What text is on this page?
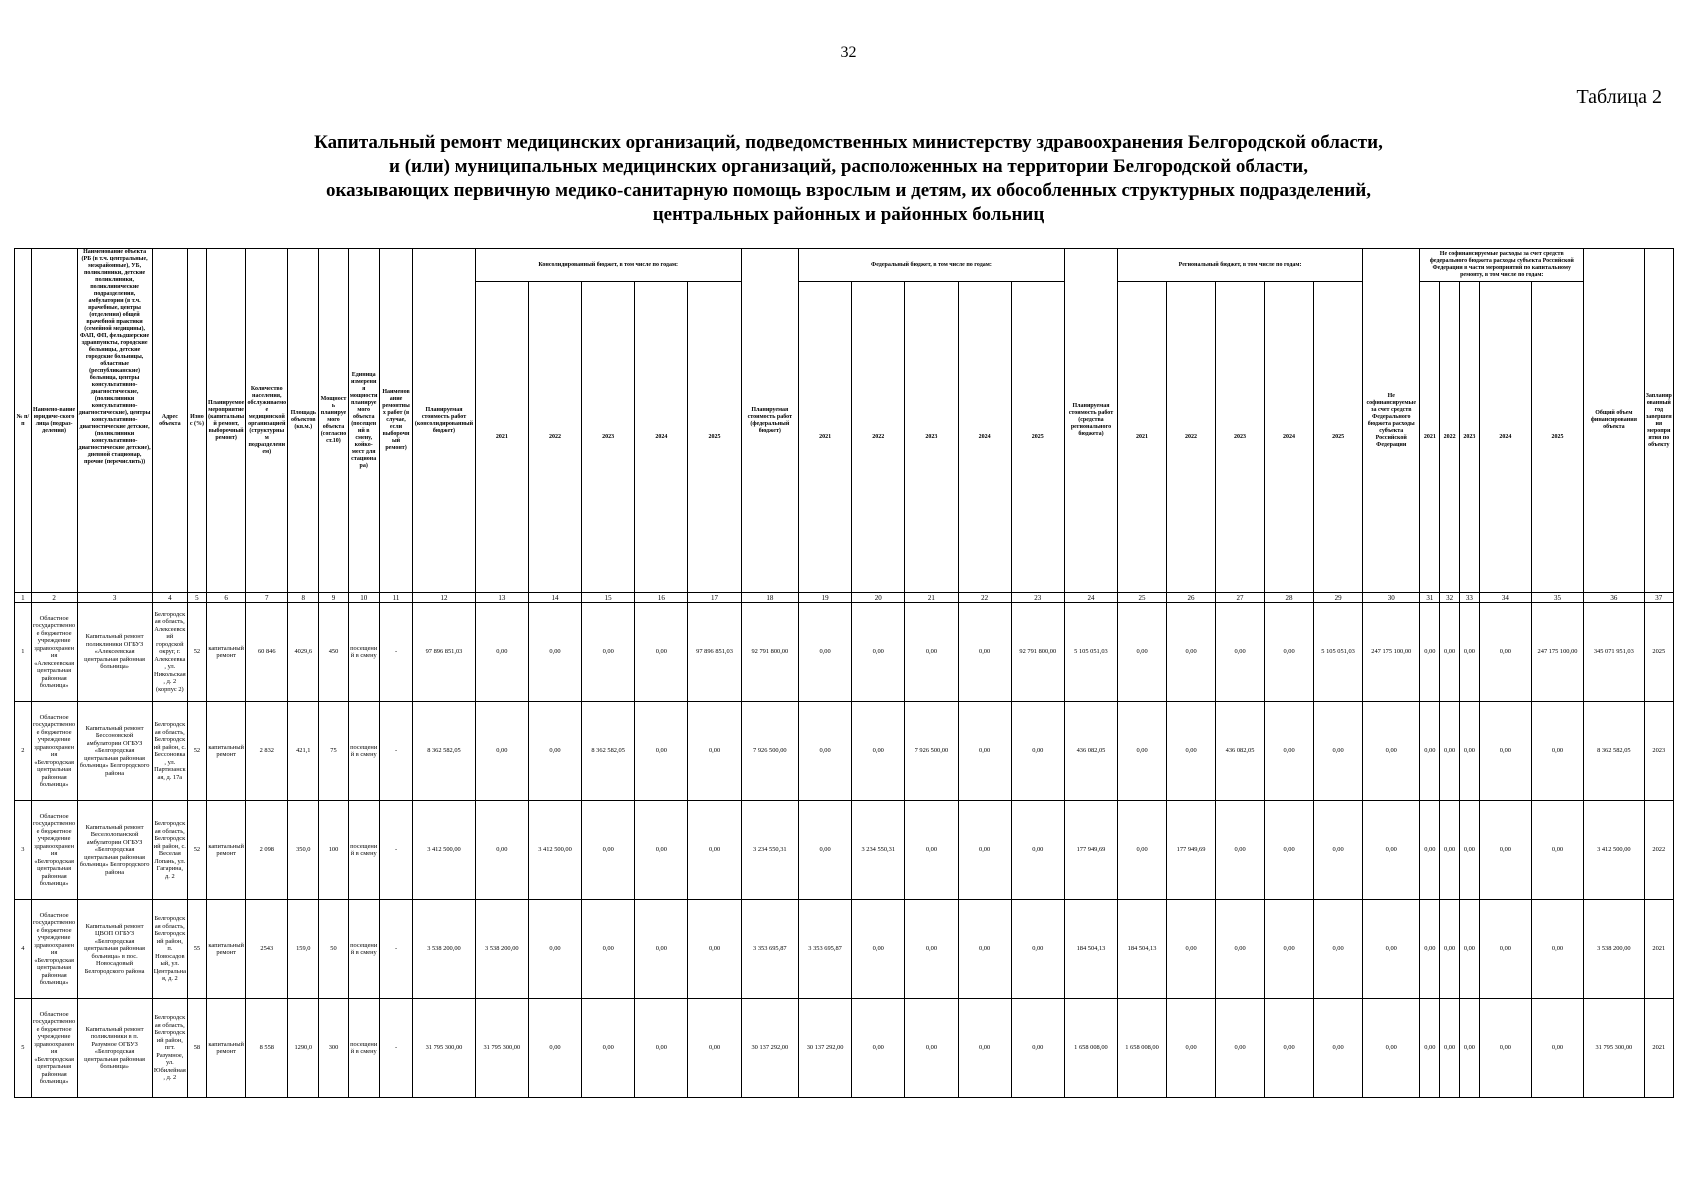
32
Таблица 2
Капитальный ремонт медицинских организаций, подведомственных министерству здравоохранения Белгородской области,
и (или) муниципальных медицинских организаций, расположенных на территории Белгородской области,
оказывающих первичную медико-санитарную помощь взрослым и детям, их обособленных структурных подразделений,
центральных районных и районных больниц
№ п/п	Наимено-вание юридиче-ского лица (подраз-деления)	Наименование объекта (РБ (в т.ч. центральные, межрайонные), УБ, поликлиники, детские поликлиники, поликлинические подразделения, амбулатории (в т.ч. врачебные, центры (отделения) общей врачебной практики (семейной медицины), ФАП, ФП, фельдшерские здравпункты, городские больницы, детские городские больницы, областные (республиканские) больница, центры консультативно-диагностические, (поликлиники консультативно-диагностические), центры консультативно-диагностические детские, (поликлиники консультативно-диагностические детские), дневной стационар, прочие (перечислить))	Адрес объекта	Износ (%)	Планируемое мероприятие (капитальный ремонт, выборочный ремонт)	Количество населения, обслуживаемое медицинской организацией (структурным подразделением)	Площадь объектов (кв.м.)	Мощность планируемого объекта (согласно ст.10)	Единица измерения мощности планируемого объекта (посещений в смену, койко-мест для стационара)	Наименование ремонтных работ (в случае, если выборочный ремонт)	Планируемая стоимость работ (консолидированный бюджет)	Консолидированный бюджет, в том числе по годам:					Планируемая стоимость работ (федеральный бюджет)	Федеральный бюджет, в том числе по годам:					Планируемая стоимость работ (средства регионального бюджета)	Региональный бюджет, в том числе по годам:					Не софинансируемые за счет средств Федерального бюджета расходы субъекта Российской Федерации	Не софинансируемые расходы за счет средств федерального бюджета расходы субъекта Российской Федерации в части мероприятий по капитальному ремонту, в том числе по годам:					Общий объем финансирования объекта	Запланированный год завершения мероприятия по объекту
												2021	2022	2023	2024	2025		2021	2022	2023	2024	2025		2021	2022	2023	2024	2025		2021	2022	2023	2024	2025		
1	2	3	4	5	6	7	8	9	10	11	12	13	14	15	16	17	18	19	20	21	22	23	24	25	26	27	28	29	30	31	32	33	34	35	36	37
1	Областное государственное бюджетное учреждение здравоохранения «Алексеевская центральная районная больница»	Капитальный ремонт поликлиники ОГБУЗ «Алексеевская центральная районная больница»	Белгородская область, Алексеевский городской округ, г. Алексеевка, ул. Никольская, д. 2 (корпус 2)	52	капитальный ремонт	60 846	4029,6	450	посещений в смену	-	97 896 851,03	0,00	0,00	0,00	0,00	97 896 851,03	92 791 800,00	0,00	0,00	0,00	0,00	92 791 800,00	5 105 051,03	0,00	0,00	0,00	0,00	5 105 051,03	247 175 100,00	0,00	0,00	0,00	0,00	247 175 100,00	345 071 951,03	2025
2	Областное государственное бюджетное учреждение здравоохранения «Белгородская центральная районная больница»	Капитальный ремонт Бессоновской амбулатории ОГБУЗ «Белгородская центральная районная больница» Белгородского района	Белгородская область, Белгородский район, с. Бессоновка, ул. Партизанская, д. 17а	52	капитальный ремонт	2 832	421,1	75	посещений в смену	-	8 362 582,05	0,00	0,00	8 362 582,05	0,00	0,00	7 926 500,00	0,00	0,00	7 926 500,00	0,00	0,00	436 082,05	0,00	0,00	436 082,05	0,00	0,00	0,00	0,00	0,00	0,00	0,00	0,00	8 362 582,05	2023
3	Областное государственное бюджетное учреждение здравоохранения «Белгородская центральная районная больница»	Капитальный ремонт Веселолопанской амбулатории ОГБУЗ «Белгородская центральная районная больница» Белгородского района	Белгородская область, Белгородский район, с. Веселая Лопань, ул. Гагарина, д. 2	52	капитальный ремонт	2 098	350,0	100	посещений в смену	-	3 412 500,00	0,00	3 412 500,00	0,00	0,00	0,00	3 234 550,31	0,00	3 234 550,31	0,00	0,00	0,00	177 949,69	0,00	177 949,69	0,00	0,00	0,00	0,00	0,00	0,00	0,00	0,00	0,00	3 412 500,00	2022
4	Областное государственное бюджетное учреждение здравоохранения «Белгородская центральная районная больница»	Капитальный ремонт ЦВОП ОГБУЗ «Белгородская центральная районная больница» в пос. Новосадовый Белгородского района	Белгородская область, Белгородский район, п. Новосадовый, ул. Центральная, д. 2	55	капитальный ремонт	2543	159,0	50	посещений в смену	-	3 538 200,00	3 538 200,00	0,00	0,00	0,00	0,00	3 353 695,87	3 353 695,87	0,00	0,00	0,00	0,00	184 504,13	184 504,13	0,00	0,00	0,00	0,00	0,00	0,00	0,00	0,00	0,00	0,00	3 538 200,00	2021
5	Областное государственное бюджетное учреждение здравоохранения «Белгородская центральная районная больница»	Капитальный ремонт поликлиники в п. Разумное ОГБУЗ «Белгородская центральная районная больница»	Белгородская область, Белгородский район, пгт. Разумное, ул. Юбилейная, д. 2	58	капитальный ремонт	8 558	1290,0	300	посещений в смену	-	31 795 300,00	31 795 300,00	0,00	0,00	0,00	0,00	30 137 292,00	30 137 292,00	0,00	0,00	0,00	0,00	1 658 008,00	1 658 008,00	0,00	0,00	0,00	0,00	0,00	0,00	0,00	0,00	0,00	0,00	31 795 300,00	2021
